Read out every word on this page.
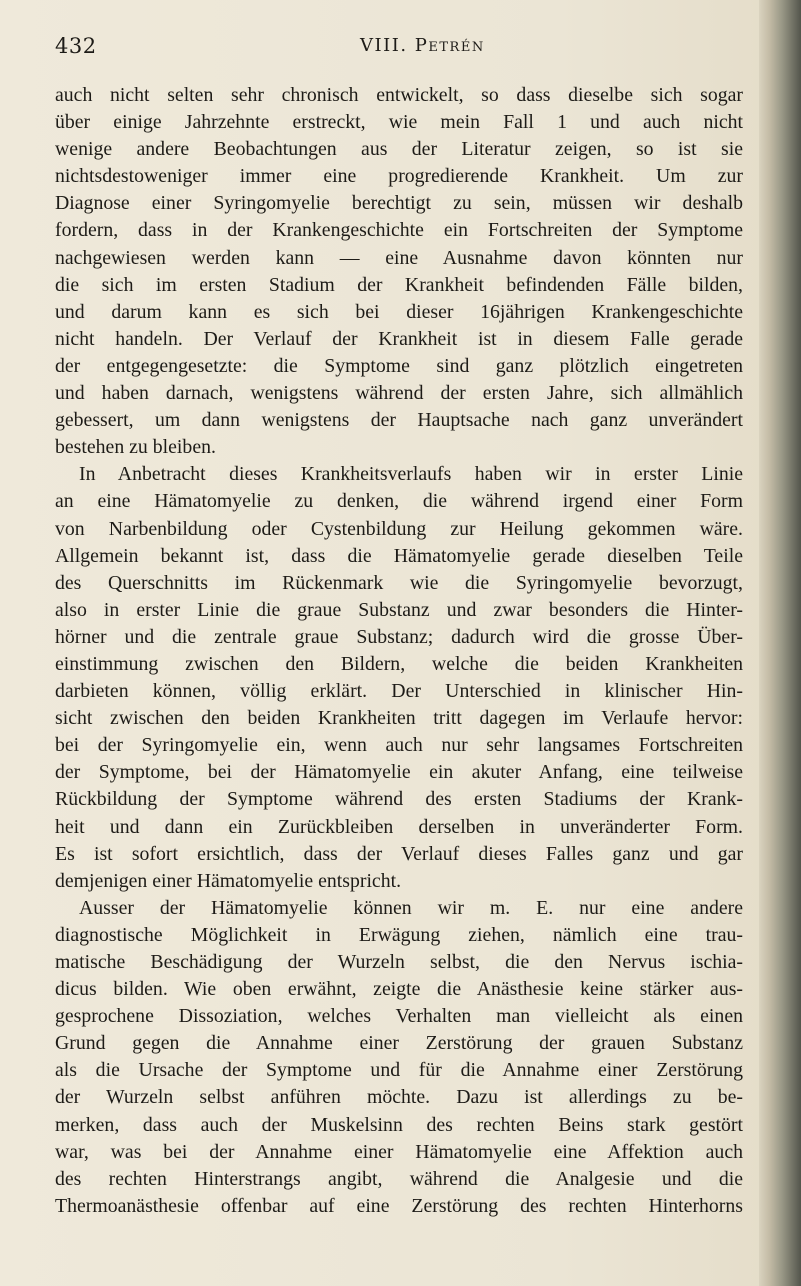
432	VIII. Petrén
auch nicht selten sehr chronisch entwickelt, so dass dieselbe sich sogar
über einige Jahrzehnte erstreckt, wie mein Fall 1 und auch nicht
wenige andere Beobachtungen aus der Literatur zeigen, so ist sie
nichtsdestoweniger immer eine progredierende Krankheit. Um zur
Diagnose einer Syringomyelie berechtigt zu sein, müssen wir deshalb
fordern, dass in der Krankengeschichte ein Fortschreiten der Symptome
nachgewiesen werden kann — eine Ausnahme davon könnten nur
die sich im ersten Stadium der Krankheit befindenden Fälle bilden,
und darum kann es sich bei dieser 16jährigen Krankengeschichte
nicht handeln. Der Verlauf der Krankheit ist in diesem Falle gerade
der entgegengesetzte: die Symptome sind ganz plötzlich eingetreten
und haben darnach, wenigstens während der ersten Jahre, sich allmählich
gebessert, um dann wenigstens der Hauptsache nach ganz unverändert
bestehen zu bleiben.
In Anbetracht dieses Krankheitsverlaufs haben wir in erster Linie
an eine Hämatomyelie zu denken, die während irgend einer Form
von Narbenbildung oder Cystenbildung zur Heilung gekommen wäre.
Allgemein bekannt ist, dass die Hämatomyelie gerade dieselben Teile
des Querschnitts im Rückenmark wie die Syringomyelie bevorzugt,
also in erster Linie die graue Substanz und zwar besonders die Hinter-
hörner und die zentrale graue Substanz; dadurch wird die grosse Über-
einstimmung zwischen den Bildern, welche die beiden Krankheiten
darbieten können, völlig erklärt. Der Unterschied in klinischer Hin-
sicht zwischen den beiden Krankheiten tritt dagegen im Verlaufe hervor:
bei der Syringomyelie ein, wenn auch nur sehr langsames Fortschreiten
der Symptome, bei der Hämatomyelie ein akuter Anfang, eine teilweise
Rückbildung der Symptome während des ersten Stadiums der Krank-
heit und dann ein Zurückbleiben derselben in unveränderter Form.
Es ist sofort ersichtlich, dass der Verlauf dieses Falles ganz und gar
demjenigen einer Hämatomyelie entspricht.
Ausser der Hämatomyelie können wir m. E. nur eine andere
diagnostische Möglichkeit in Erwägung ziehen, nämlich eine trau-
matische Beschädigung der Wurzeln selbst, die den Nervus ischia-
dicus bilden. Wie oben erwähnt, zeigte die Anästhesie keine stärker aus-
gesprochene Dissoziation, welches Verhalten man vielleicht als einen
Grund gegen die Annahme einer Zerstörung der grauen Substanz
als die Ursache der Symptome und für die Annahme einer Zerstörung
der Wurzeln selbst anführen möchte. Dazu ist allerdings zu be-
merken, dass auch der Muskelsinn des rechten Beins stark gestört
war, was bei der Annahme einer Hämatomyelie eine Affektion auch
des rechten Hinterstrangs angibt, während die Analgesie und die
Thermoanästhesie offenbar auf eine Zerstörung des rechten Hinterhorns
